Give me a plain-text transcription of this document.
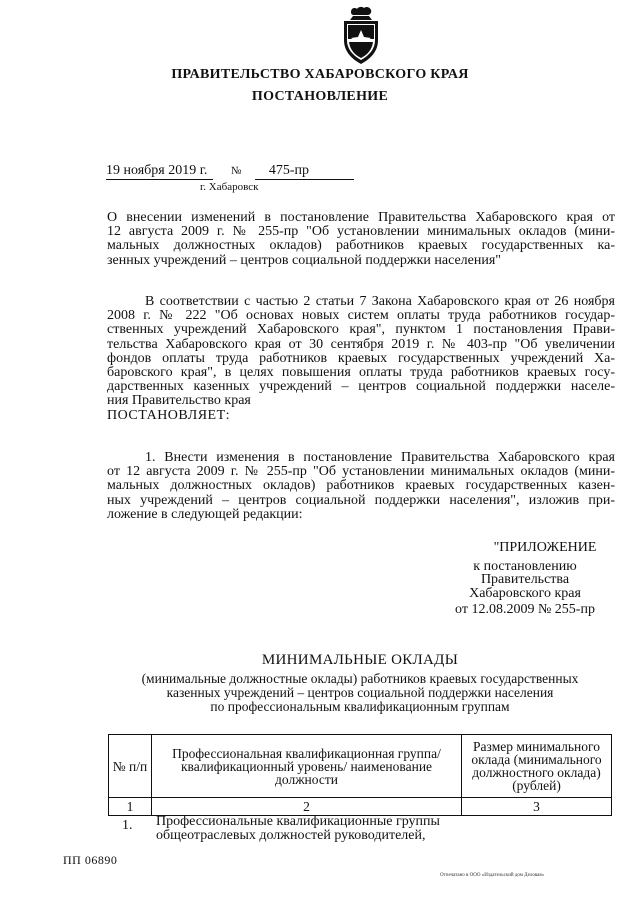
ПРАВИТЕЛЬСТВО ХАБАРОВСКОГО КРАЯ
ПОСТАНОВЛЕНИЕ
19 ноября 2019 г. № 475-пр
г. Хабаровск
О внесении изменений в постановление Правительства Хабаровского края от
12 августа 2009 г. № 255-пр "Об установлении минимальных окладов (мини-
мальных должностных окладов) работников краевых государственных ка-
зенных учреждений – центров социальной поддержки населения"
В соответствии с частью 2 статьи 7 Закона Хабаровского края от 26 ноября
2008 г. № 222 "Об основах новых систем оплаты труда работников государ-
ственных учреждений Хабаровского края", пунктом 1 постановления Прави-
тельства Хабаровского края от 30 сентября 2019 г. № 403-пр "Об увеличении
фондов оплаты труда работников краевых государственных учреждений Ха-
баровского края", в целях повышения оплаты труда работников краевых госу-
дарственных казенных учреждений – центров социальной поддержки населе-
ния Правительство края
ПОСТАНОВЛЯЕТ:
1. Внести изменения в постановление Правительства Хабаровского края
от 12 августа 2009 г. № 255-пр "Об установлении минимальных окладов (мини-
мальных должностных окладов) работников краевых государственных казен-
ных учреждений – центров социальной поддержки населения", изложив при-
ложение в следующей редакции:
"ПРИЛОЖЕНИЕ
к постановлению
Правительства
Хабаровского края
от 12.08.2009 № 255-пр
МИНИМАЛЬНЫЕ ОКЛАДЫ
(минимальные должностные оклады) работников краевых государственных
казенных учреждений – центров социальной поддержки населения
по профессиональным квалификационным группам
№ п/п	Профессиональная квалификационная группа/ квалификационный уровень/ наименование должности	Размер минимального оклада (минимального должностного оклада) (рублей)
1	2	3
1. Профессиональные квалификационные группы
общеотраслевых должностей руководителей,
ПП 06890
Отпечатано в ООО «Издательский дом Деловая»
